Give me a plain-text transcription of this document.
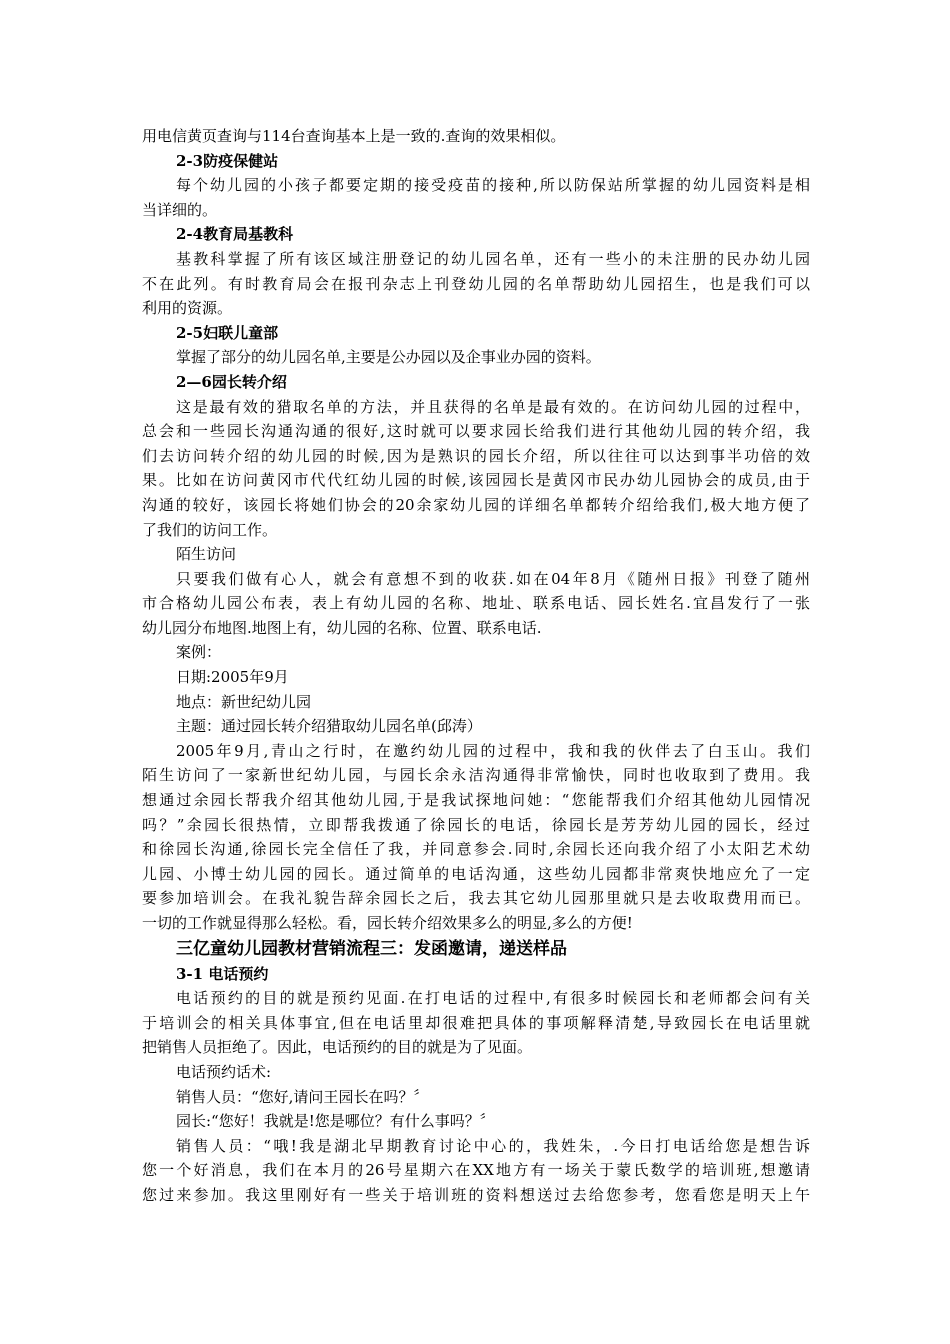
用电信黄页查询与114台查询基本上是一致的.查询的效果相似。
2-3防疫保健站
每个幼儿园的小孩子都要定期的接受疫苗的接种,所以防保站所掌握的幼儿园资料是相
当详细的。
2-4教育局基教科
基教科掌握了所有该区域注册登记的幼儿园名单，还有一些小的未注册的民办幼儿园
不在此列。有时教育局会在报刊杂志上刊登幼儿园的名单帮助幼儿园招生，也是我们可以
利用的资源。
2-5妇联儿童部
掌握了部分的幼儿园名单,主要是公办园以及企事业办园的资料。
2—6园长转介绍
这是最有效的猎取名单的方法，并且获得的名单是最有效的。在访问幼儿园的过程中，
总会和一些园长沟通沟通的很好,这时就可以要求园长给我们进行其他幼儿园的转介绍，我
们去访问转介绍的幼儿园的时候,因为是熟识的园长介绍，所以往往可以达到事半功倍的效
果。比如在访问黄冈市代代红幼儿园的时候,该园园长是黄冈市民办幼儿园协会的成员,由于
沟通的较好，该园长将她们协会的20余家幼儿园的详细名单都转介绍给我们,极大地方便了
了我们的访问工作。
陌生访问
只要我们做有心人，就会有意想不到的收获.如在04年8月《随州日报》刊登了随州
市合格幼儿园公布表，表上有幼儿园的名称、地址、联系电话、园长姓名.宜昌发行了一张
幼儿园分布地图.地图上有，幼儿园的名称、位置、联系电话.
案例：
日期:2005年9月
地点：新世纪幼儿园
主题：通过园长转介绍猎取幼儿园名单(邱涛）
2005年9月,青山之行时，在邀约幼儿园的过程中，我和我的伙伴去了白玉山。我们
陌生访问了一家新世纪幼儿园，与园长余永洁沟通得非常愉快，同时也收取到了费用。我
想通过余园长帮我介绍其他幼儿园,于是我试探地问她：“您能帮我们介绍其他幼儿园情况
吗？”余园长很热情，立即帮我拨通了徐园长的电话，徐园长是芳芳幼儿园的园长，经过
和徐园长沟通,徐园长完全信任了我，并同意参会.同时,余园长还向我介绍了小太阳艺术幼
儿园、小博士幼儿园的园长。通过简单的电话沟通，这些幼儿园都非常爽快地应允了一定
要参加培训会。在我礼貌告辞余园长之后，我去其它幼儿园那里就只是去收取费用而已。
一切的工作就显得那么轻松。看，园长转介绍效果多么的明显,多么的方便!
三亿童幼儿园教材营销流程三：发函邀请，递送样品
3-1 电话预约
电话预约的目的就是预约见面.在打电话的过程中,有很多时候园长和老师都会问有关
于培训会的相关具体事宜,但在电话里却很难把具体的事项解释清楚,导致园长在电话里就
把销售人员拒绝了。因此，电话预约的目的就是为了见面。
电话预约话术:
销售人员：“您好,请问王园长在吗？〞
园长:“您好！我就是!您是哪位？有什么事吗？〞
销售人员：“哦!我是湖北早期教育讨论中心的，我姓朱，.今日打电话给您是想告诉
您一个好消息，我们在本月的26号星期六在XX地方有一场关于蒙氏数学的培训班,想邀请
您过来参加。我这里刚好有一些关于培训班的资料想送过去给您参考，您看您是明天上午
